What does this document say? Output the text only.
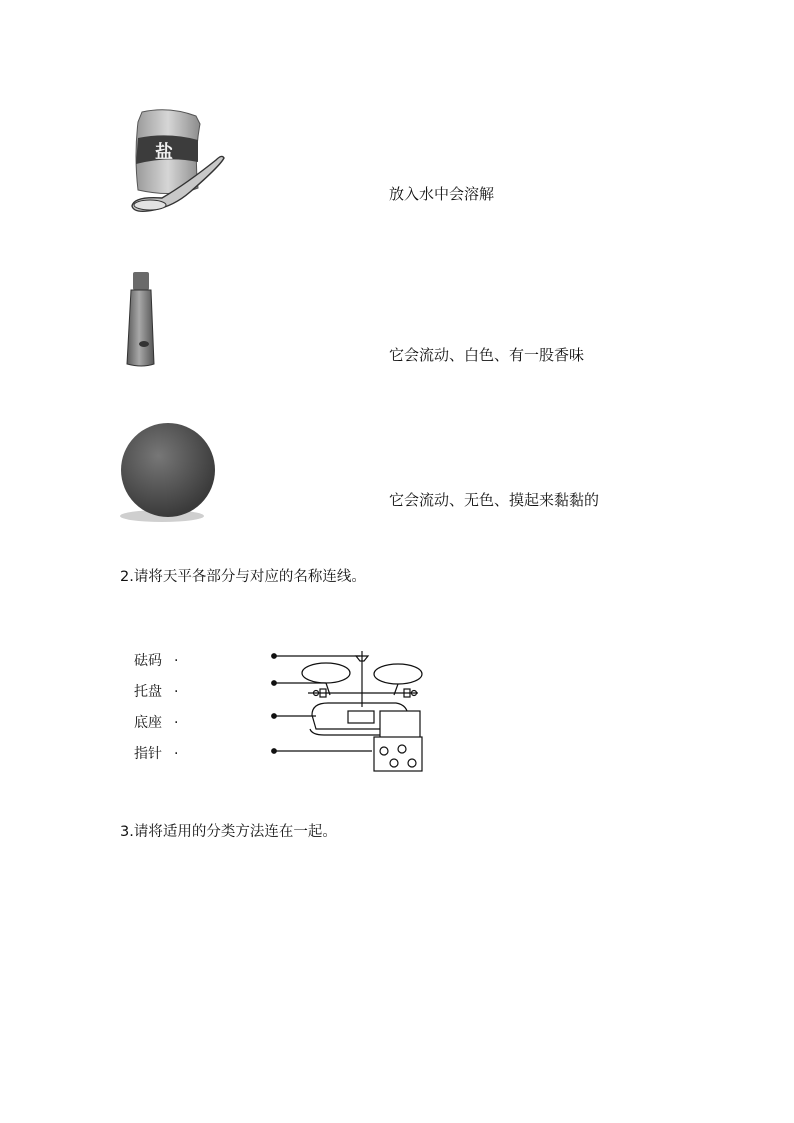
盐
放入水中会溶解
它会流动、白色、有一股香味
它会流动、无色、摸起来黏黏的
2.请将天平各部分与对应的名称连线。
砝码 ·
托盘 ·
底座 ·
指针 ·
3.请将适用的分类方法连在一起。
